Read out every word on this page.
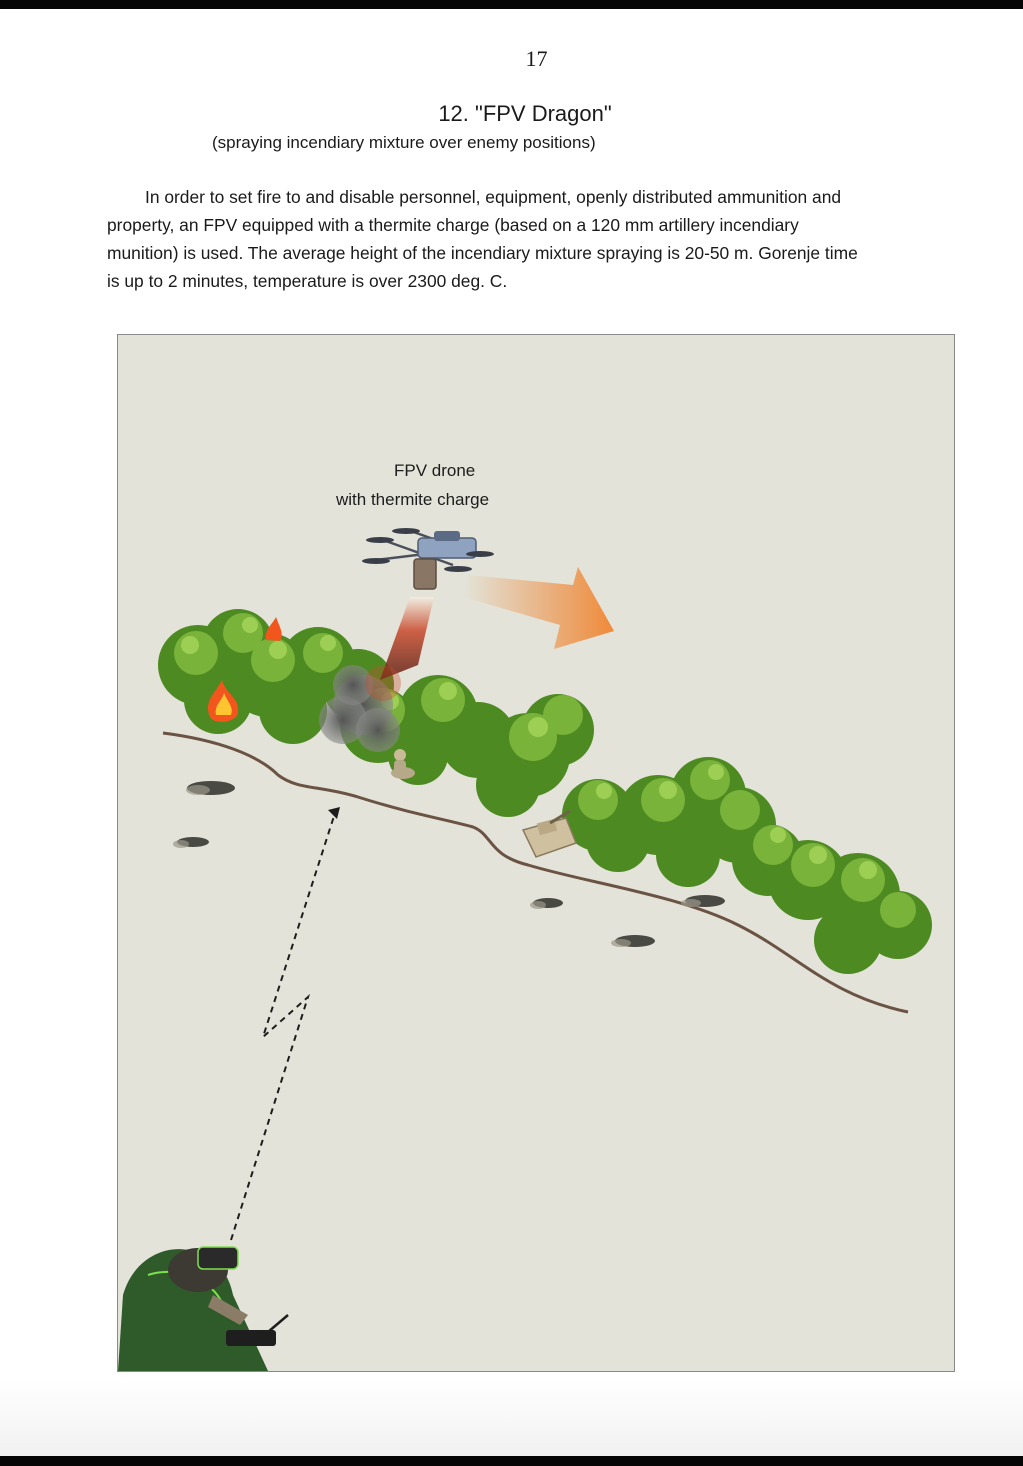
17
12. "FPV Dragon"
(spraying incendiary mixture over enemy positions)

In order to set fire to and disable personnel, equipment, openly distributed ammunition and property, an FPV equipped with a thermite charge (based on a 120 mm artillery incendiary munition) is used. The average height of the incendiary mixture spraying is 20-50 m. Gorenje time is up to 2 minutes, temperature is over 2300 deg. C.

FPV drone
with thermite charge
